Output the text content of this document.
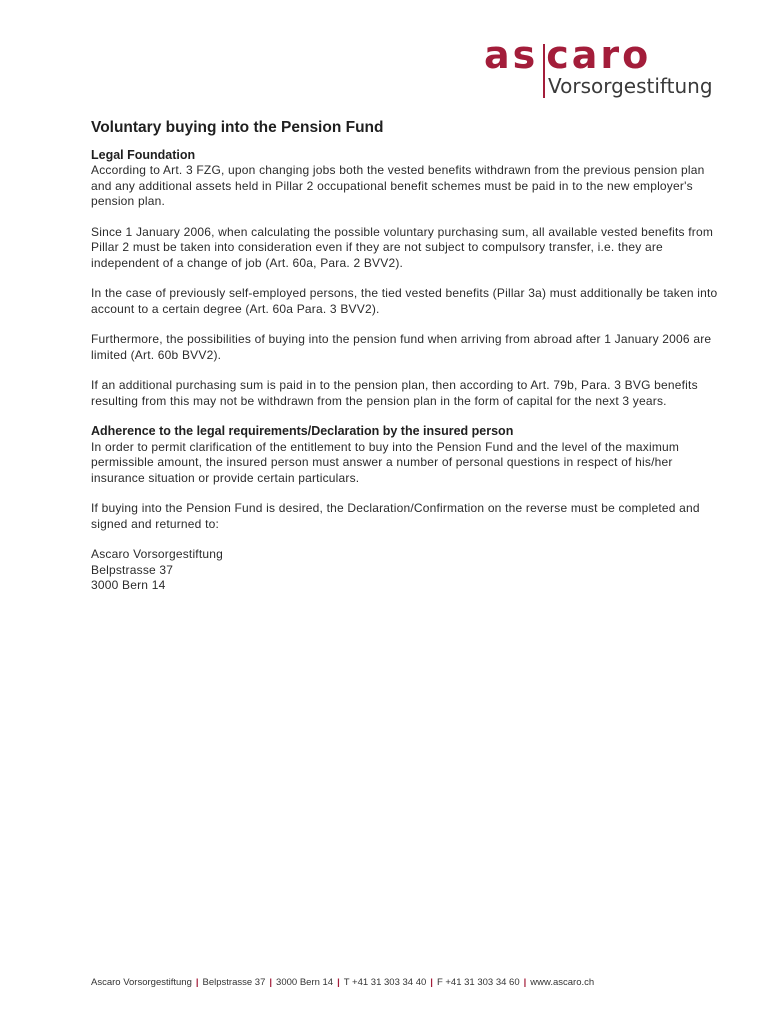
as caro
Vorsorgestiftung
Voluntary buying into the Pension Fund
Legal Foundation

According to Art. 3 FZG, upon changing jobs both the vested benefits withdrawn from the previous pension plan and any additional assets held in Pillar 2 occupational benefit schemes must be paid in to the new employer's pension plan.

Since 1 January 2006, when calculating the possible voluntary purchasing sum, all available vested benefits from Pillar 2 must be taken into consideration even if they are not subject to compulsory transfer, i.e. they are independent of a change of job (Art. 60a, Para. 2 BVV2).

In the case of previously self-employed persons, the tied vested benefits (Pillar 3a) must additionally be taken into account to a certain degree (Art. 60a Para. 3 BVV2).

Furthermore, the possibilities of buying into the pension fund when arriving from abroad after 1 January 2006 are limited (Art. 60b BVV2).

If an additional purchasing sum is paid in to the pension plan, then according to Art. 79b, Para. 3 BVG benefits resulting from this may not be withdrawn from the pension plan in the form of capital for the next 3 years.

Adherence to the legal requirements/Declaration by the insured person

In order to permit clarification of the entitlement to buy into the Pension Fund and the level of the maximum permissible amount, the insured person must answer a number of personal questions in respect of his/her insurance situation or provide certain particulars.

If buying into the Pension Fund is desired, the Declaration/Confirmation on the reverse must be completed and signed and returned to:

Ascaro Vorsorgestiftung

Belpstrasse 37

3000 Bern 14

Ascaro Vorsorgestiftung | Belpstrasse 37 | 3000 Bern 14 | T +41 31 303 34 40 | F +41 31 303 34 60 | www.ascaro.ch
